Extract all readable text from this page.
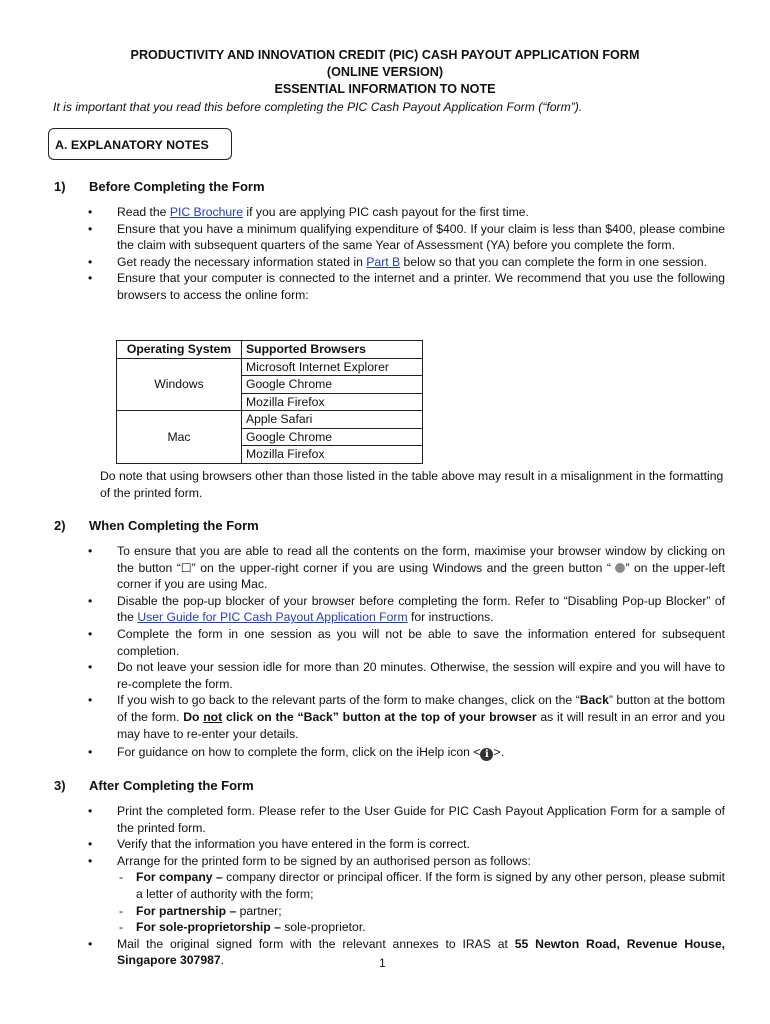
PRODUCTIVITY AND INNOVATION CREDIT (PIC) CASH PAYOUT APPLICATION FORM
(ONLINE VERSION)
ESSENTIAL INFORMATION TO NOTE
It is important that you read this before completing the PIC Cash Payout Application Form (“form”).
A. EXPLANATORY NOTES
1) Before Completing the Form
• Read the PIC Brochure if you are applying PIC cash payout for the first time.
• Ensure that you have a minimum qualifying expenditure of $400. If your claim is less than $400, please combine the claim with subsequent quarters of the same Year of Assessment (YA) before you complete the form.
• Get ready the necessary information stated in Part B below so that you can complete the form in one session.
• Ensure that your computer is connected to the internet and a printer. We recommend that you use the following browsers to access the online form:
Operating System	Supported Browsers
Windows	Microsoft Internet Explorer
	Google Chrome
	Mozilla Firefox
Mac	Apple Safari
	Google Chrome
	Mozilla Firefox
Do note that using browsers other than those listed in the table above may result in a misalignment in the formatting of the printed form.
2) When Completing the Form
• To ensure that you are able to read all the contents on the form, maximise your browser window by clicking on the button “☐” on the upper-right corner if you are using Windows and the green button “ ” on the upper-left corner if you are using Mac.
• Disable the pop-up blocker of your browser before completing the form. Refer to “Disabling Pop-up Blocker” of the User Guide for PIC Cash Payout Application Form for instructions.
• Complete the form in one session as you will not be able to save the information entered for subsequent completion.
• Do not leave your session idle for more than 20 minutes. Otherwise, the session will expire and you will have to re-complete the form.
• If you wish to go back to the relevant parts of the form to make changes, click on the “Back” button at the bottom of the form. Do not click on the “Back” button at the top of your browser as it will result in an error and you may have to re-enter your details.
• For guidance on how to complete the form, click on the iHelp icon < i >.
3) After Completing the Form
• Print the completed form. Please refer to the User Guide for PIC Cash Payout Application Form for a sample of the printed form.
• Verify that the information you have entered in the form is correct.
• Arrange for the printed form to be signed by an authorised person as follows:
- For company – company director or principal officer. If the form is signed by any other person, please submit a letter of authority with the form;
- For partnership – partner;
- For sole-proprietorship – sole-proprietor.
• Mail the original signed form with the relevant annexes to IRAS at 55 Newton Road, Revenue House, Singapore 307987.	1
